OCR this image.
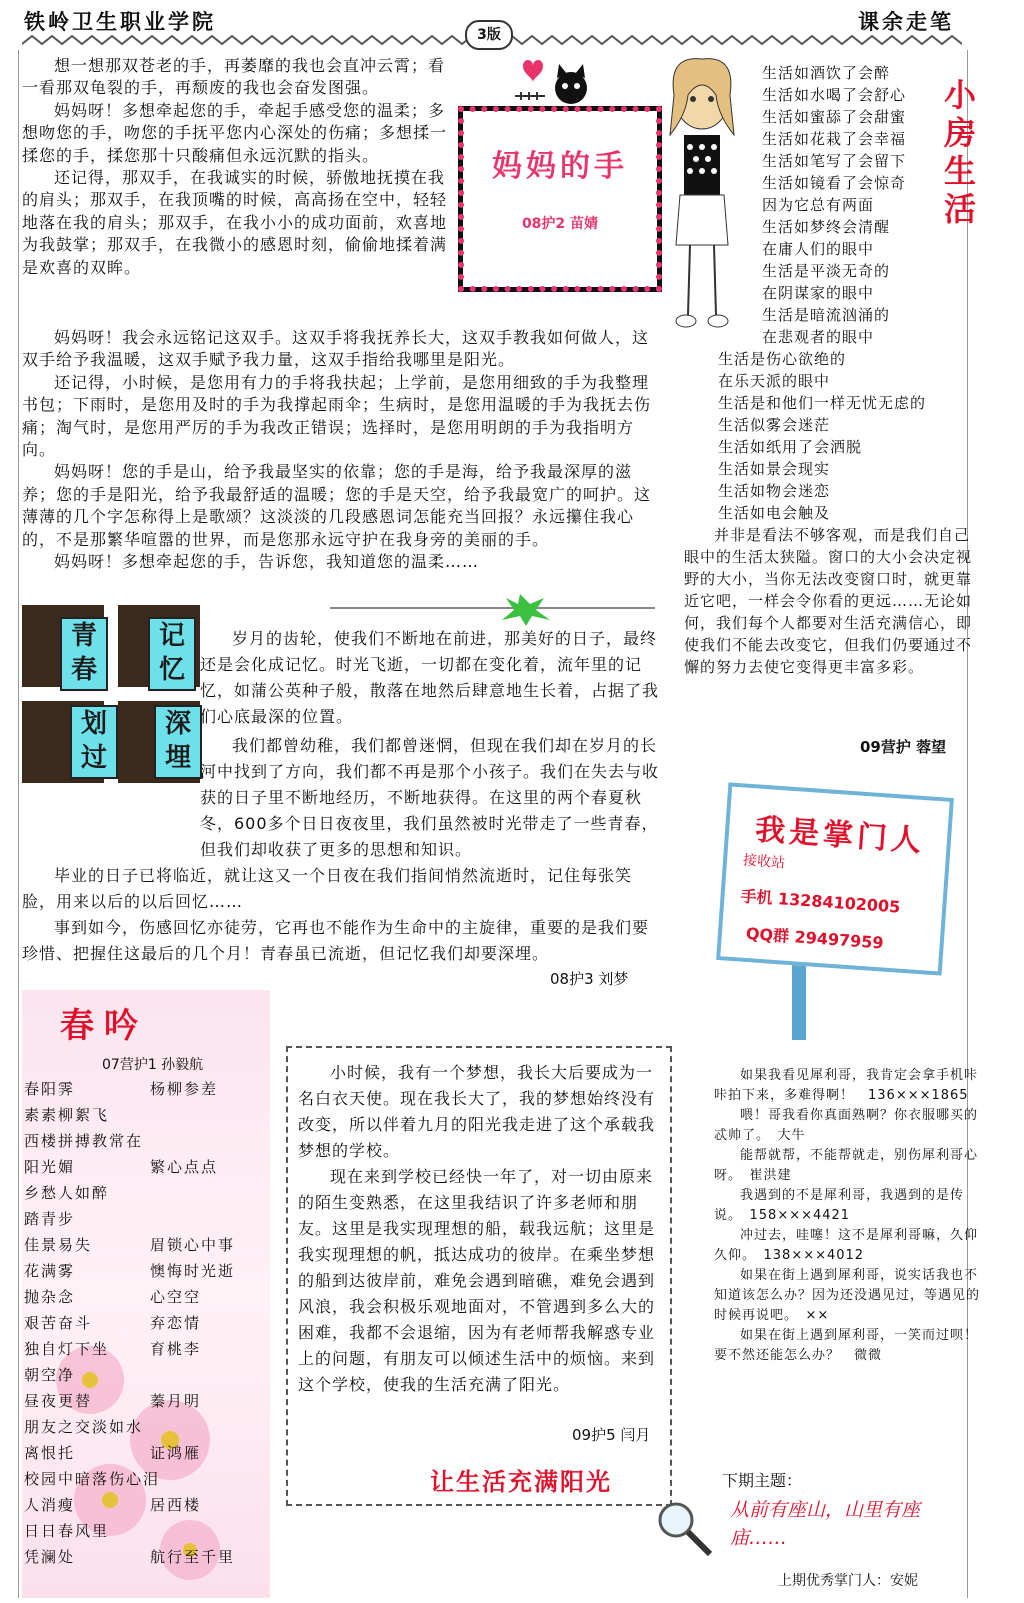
铁岭卫生职业学院	课余走笔
3版

想一想那双苍老的手，再萎靡的我也会直冲云霄；看一看那双龟裂的手，再颓废的我也会奋发图强。

妈妈呀！多想牵起您的手，牵起手感受您的温柔；多想吻您的手，吻您的手抚平您内心深处的伤痛；多想揉一揉您的手，揉您那十只酸痛但永远沉默的指头。

还记得，那双手，在我诚实的时候，骄傲地抚摸在我的肩头；那双手，在我顶嘴的时候，高高扬在空中，轻轻地落在我的肩头；那双手，在我小小的成功面前，欢喜地为我鼓掌；那双手，在我微小的感恩时刻，偷偷地揉着满是欢喜的双眸。

妈妈呀！我会永远铭记这双手。这双手将我抚养长大，这双手教我如何做人，这双手给予我温暖，这双手赋予我力量，这双手指给我哪里是阳光。

还记得，小时候，是您用有力的手将我扶起；上学前，是您用细致的手为我整理书包；下雨时，是您用及时的手为我撑起雨伞；生病时，是您用温暖的手为我抚去伤痛；淘气时，是您用严厉的手为我改正错误；选择时，是您用明朗的手为我指明方向。

妈妈呀！您的手是山，给予我最坚实的依靠；您的手是海，给予我最深厚的滋养；您的手是阳光，给予我最舒适的温暖；您的手是天空，给予我最宽广的呵护。这薄薄的几个字怎称得上是歌颂？这淡淡的几段感恩词怎能充当回报？永远攥住我心的，不是那繁华喧嚣的世界，而是您那永远守护在我身旁的美丽的手。

妈妈呀！多想牵起您的手，告诉您，我知道您的温柔……

妈妈的手
08护2 苗婧
青春
记忆
划过
深埋

岁月的齿轮，使我们不断地在前进，那美好的日子，最终还是会化成记忆。时光飞逝，一切都在变化着，流年里的记忆，如蒲公英种子般，散落在地然后肆意地生长着，占据了我们心底最深的位置。

我们都曾幼稚，我们都曾迷惘，但现在我们却在岁月的长河中找到了方向，我们都不再是那个小孩子。我们在失去与收获的日子里不断地经历，不断地获得。在这里的两个春夏秋冬，600多个日日夜夜里，我们虽然被时光带走了一些青春，但我们却收获了更多的思想和知识。

毕业的日子已将临近，就让这又一个日夜在我们指间悄然流逝时，记住每张笑脸，用来以后的以后回忆……

事到如今，伤感回忆亦徒劳，它再也不能作为生命中的主旋律，重要的是我们要珍惜、把握住这最后的几个月！青春虽已流逝，但记忆我们却要深埋。

08护3 刘梦
小房生活
生活如酒饮了会醉
生活如水喝了会舒心
生活如蜜舔了会甜蜜
生活如花栽了会幸福
生活如笔写了会留下
生活如镜看了会惊奇
因为它总有两面
生活如梦终会清醒
在庸人们的眼中
生活是平淡无奇的
在阴谋家的眼中
生活是暗流汹涌的
在悲观者的眼中
生活是伤心欲绝的
在乐天派的眼中
生活是和他们一样无忧无虑的
生活似雾会迷茫
生活如纸用了会洒脱
生活如景会现实
生活如物会迷恋
生活如电会触及

并非是看法不够客观，而是我们自己眼中的生活太狭隘。窗口的大小会决定视野的大小，当你无法改变窗口时，就更靠近它吧，一样会令你看的更远……无论如何，我们每个人都要对生活充满信心，即使我们不能去改变它，但我们仍要通过不懈的努力去使它变得更丰富多彩。

09营护 蓉望
我是掌门人
接收站
手机 13284102005
QQ群 29497959
春吟
07营护1 孙毅航
春阳霁
素素柳絮飞
西楼拼搏教常在
阳光媚
乡愁人如醉
踏青步
佳景易失
花满雾
抛杂念
艰苦奋斗
独自灯下坐
朝空净
昼夜更替
朋友之交淡如水
离恨托
校园中暗落伤心泪
人消瘦
日日春风里
凭澜处
杨柳参差
繁心点点
眉锁心中事
懊悔时光逝
心空空
弃恋情
育桃李
蓁月明
证鸿雁
居西楼
航行至千里

小时候，我有一个梦想，我长大后要成为一名白衣天使。现在我长大了，我的梦想始终没有改变，所以伴着九月的阳光我走进了这个承载我梦想的学校。

现在来到学校已经快一年了，对一切由原来的陌生变熟悉，在这里我结识了许多老师和朋友。这里是我实现理想的船，载我远航；这里是我实现理想的帆，抵达成功的彼岸。在乘坐梦想的船到达彼岸前，难免会遇到暗礁，难免会遇到风浪，我会积极乐观地面对，不管遇到多么大的困难，我都不会退缩，因为有老师帮我解惑专业上的问题，有朋友可以倾述生活中的烦恼。来到这个学校，使我的生活充满了阳光。

09护5 闫月
让生活充满阳光
如果我看见犀利哥，我肯定会拿手机咔咔拍下来，多难得啊！　136×××1865
喂！哥我看你真面熟啊？你衣服哪买的忒帅了。　大牛
能帮就帮，不能帮就走，别伤犀利哥心呀。　崔洪建
我遇到的不是犀利哥，我遇到的是传说。　158×××4421
冲过去，哇噻！这不是犀利哥嘛，久仰久仰。　138×××4012
如果在街上遇到犀利哥，说实话我也不知道该怎么办？因为还没遇见过，等遇见的时候再说吧。　××
如果在街上遇到犀利哥，一笑而过呗！要不然还能怎么办？　微微
下期主题：
从前有座山，山里有座庙……
上期优秀掌门人：安妮
